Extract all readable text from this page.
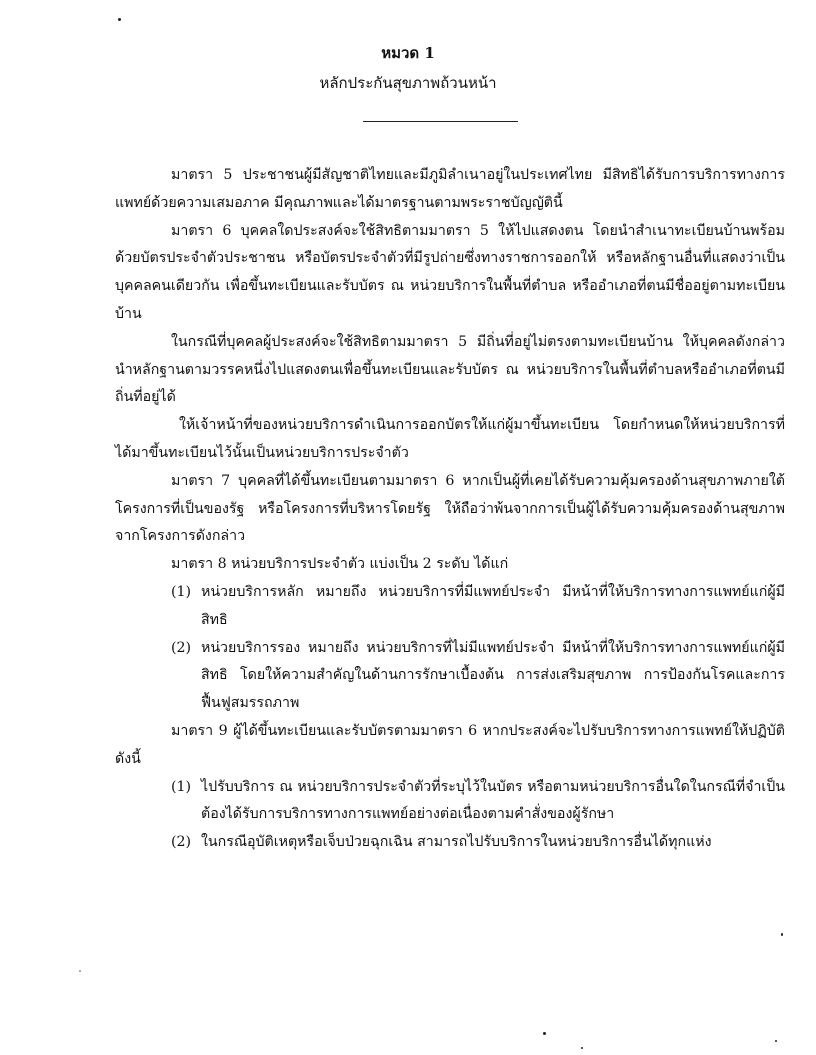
หมวด 1
หลักประกันสุขภาพถ้วนหน้า

มาตรา 5 ประชาชนผู้มีสัญชาติไทยและมีภูมิลำเนาอยู่ในประเทศไทย มีสิทธิได้รับการบริการทางการแพทย์ด้วยความเสมอภาค มีคุณภาพและได้มาตรฐานตามพระราชบัญญัตินี้

มาตรา 6 บุคคลใดประสงค์จะใช้สิทธิตามมาตรา 5 ให้ไปแสดงตน โดยนำสำเนาทะเบียนบ้านพร้อมด้วยบัตรประจำตัวประชาชน หรือบัตรประจำตัวที่มีรูปถ่ายซึ่งทางราชการออกให้ หรือหลักฐานอื่นที่แสดงว่าเป็นบุคคลคนเดียวกัน เพื่อขึ้นทะเบียนและรับบัตร ณ หน่วยบริการในพื้นที่ตำบล หรืออำเภอที่ตนมีชื่ออยู่ตามทะเบียนบ้าน

ในกรณีที่บุคคลผู้ประสงค์จะใช้สิทธิตามมาตรา 5 มีถิ่นที่อยู่ไม่ตรงตามทะเบียนบ้าน ให้บุคคลดังกล่าวนำหลักฐานตามวรรคหนึ่งไปแสดงตนเพื่อขึ้นทะเบียนและรับบัตร ณ หน่วยบริการในพื้นที่ตำบลหรืออำเภอที่ตนมีถิ่นที่อยู่ได้

ให้เจ้าหน้าที่ของหน่วยบริการดำเนินการออกบัตรให้แก่ผู้มาขึ้นทะเบียน โดยกำหนดให้หน่วยบริการที่ได้มาขึ้นทะเบียนไว้นั้นเป็นหน่วยบริการประจำตัว

มาตรา 7 บุคคลที่ได้ขึ้นทะเบียนตามมาตรา 6 หากเป็นผู้ที่เคยได้รับความคุ้มครองด้านสุขภาพภายใต้โครงการที่เป็นของรัฐ หรือโครงการที่บริหารโดยรัฐ ให้ถือว่าพ้นจากการเป็นผู้ได้รับความคุ้มครองด้านสุขภาพจากโครงการดังกล่าว

มาตรา 8 หน่วยบริการประจำตัว แบ่งเป็น 2 ระดับ ได้แก่

(1) หน่วยบริการหลัก หมายถึง หน่วยบริการที่มีแพทย์ประจำ มีหน้าที่ให้บริการทางการแพทย์แก่ผู้มีสิทธิ
(2) หน่วยบริการรอง หมายถึง หน่วยบริการที่ไม่มีแพทย์ประจำ มีหน้าที่ให้บริการทางการแพทย์แก่ผู้มีสิทธิ โดยให้ความสำคัญในด้านการรักษาเบื้องต้น การส่งเสริมสุขภาพ การป้องกันโรคและการฟื้นฟูสมรรถภาพ

มาตรา 9 ผู้ได้ขึ้นทะเบียนและรับบัตรตามมาตรา 6 หากประสงค์จะไปรับบริการทางการแพทย์ให้ปฏิบัติดังนี้

(1) ไปรับบริการ ณ หน่วยบริการประจำตัวที่ระบุไว้ในบัตร หรือตามหน่วยบริการอื่นใดในกรณีที่จำเป็นต้องได้รับการบริการทางการแพทย์อย่างต่อเนื่องตามคำสั่งของผู้รักษา
(2) ในกรณีอุบัติเหตุหรือเจ็บป่วยฉุกเฉิน สามารถไปรับบริการในหน่วยบริการอื่นได้ทุกแห่ง
